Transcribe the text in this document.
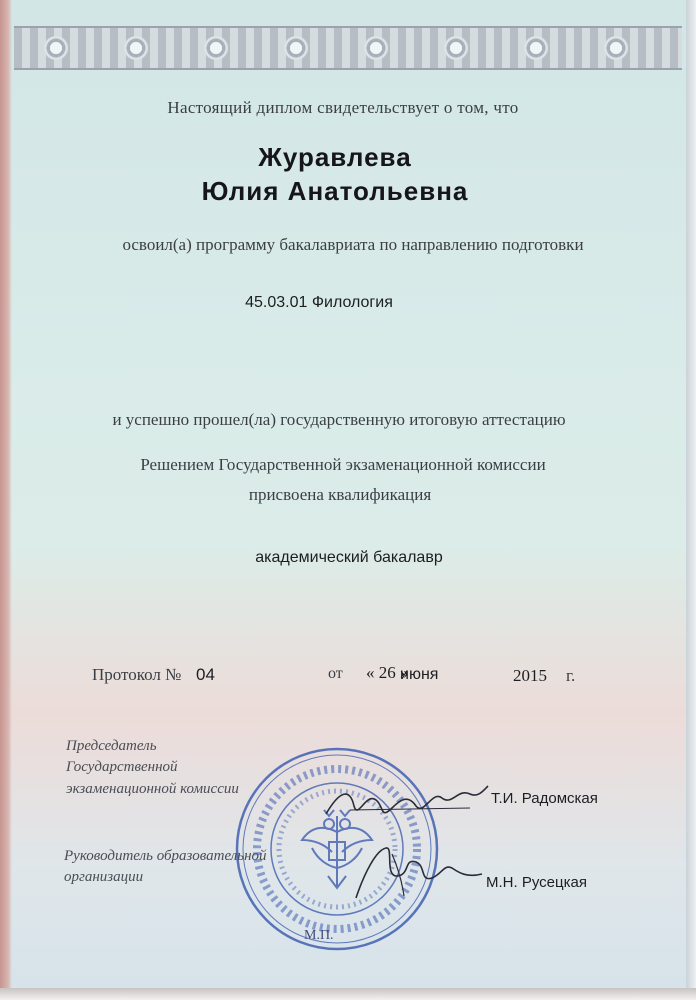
Настоящий диплом свидетельствует о том, что
Журавлева
Юлия Анатольевна
освоил(а) программу бакалавриата по направлению подготовки
45.03.01 Филология
и успешно прошел(ла) государственную итоговую аттестацию
Решением Государственной экзаменационной комиссии
присвоена квалификация
академический бакалавр
Протокол № 04	от « 26 »
июня	2015 г.
Председатель
Государственной
экзаменационной комиссии
Т.И. Радомская
Руководитель образовательной
организации	М.Н. Русецкая
М.П.
